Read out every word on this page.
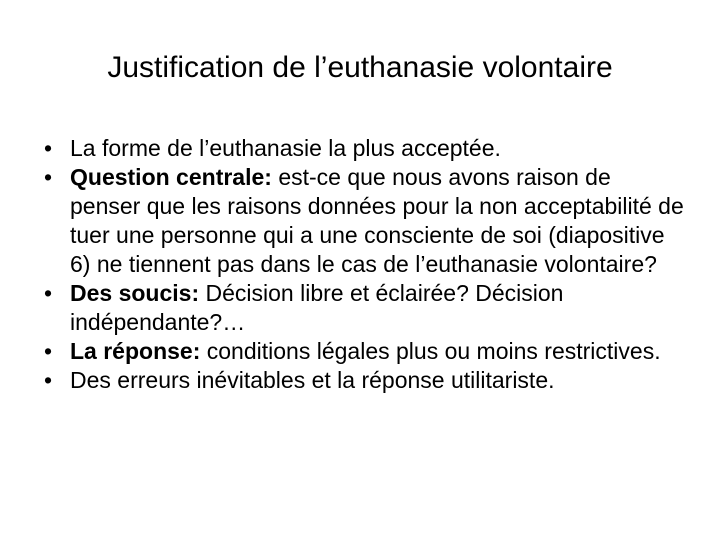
Justification de l’euthanasie volontaire
• La forme de l’euthanasie la plus acceptée.
• Question centrale: est-ce que nous avons raison de penser que les raisons données pour la non acceptabilité de tuer une personne qui a une consciente de soi (diapositive 6) ne tiennent pas dans le cas de l’euthanasie volontaire?
• Des soucis: Décision libre et éclairée? Décision indépendante?…
• La réponse: conditions légales plus ou moins restrictives.
• Des erreurs inévitables et la réponse utilitariste.
